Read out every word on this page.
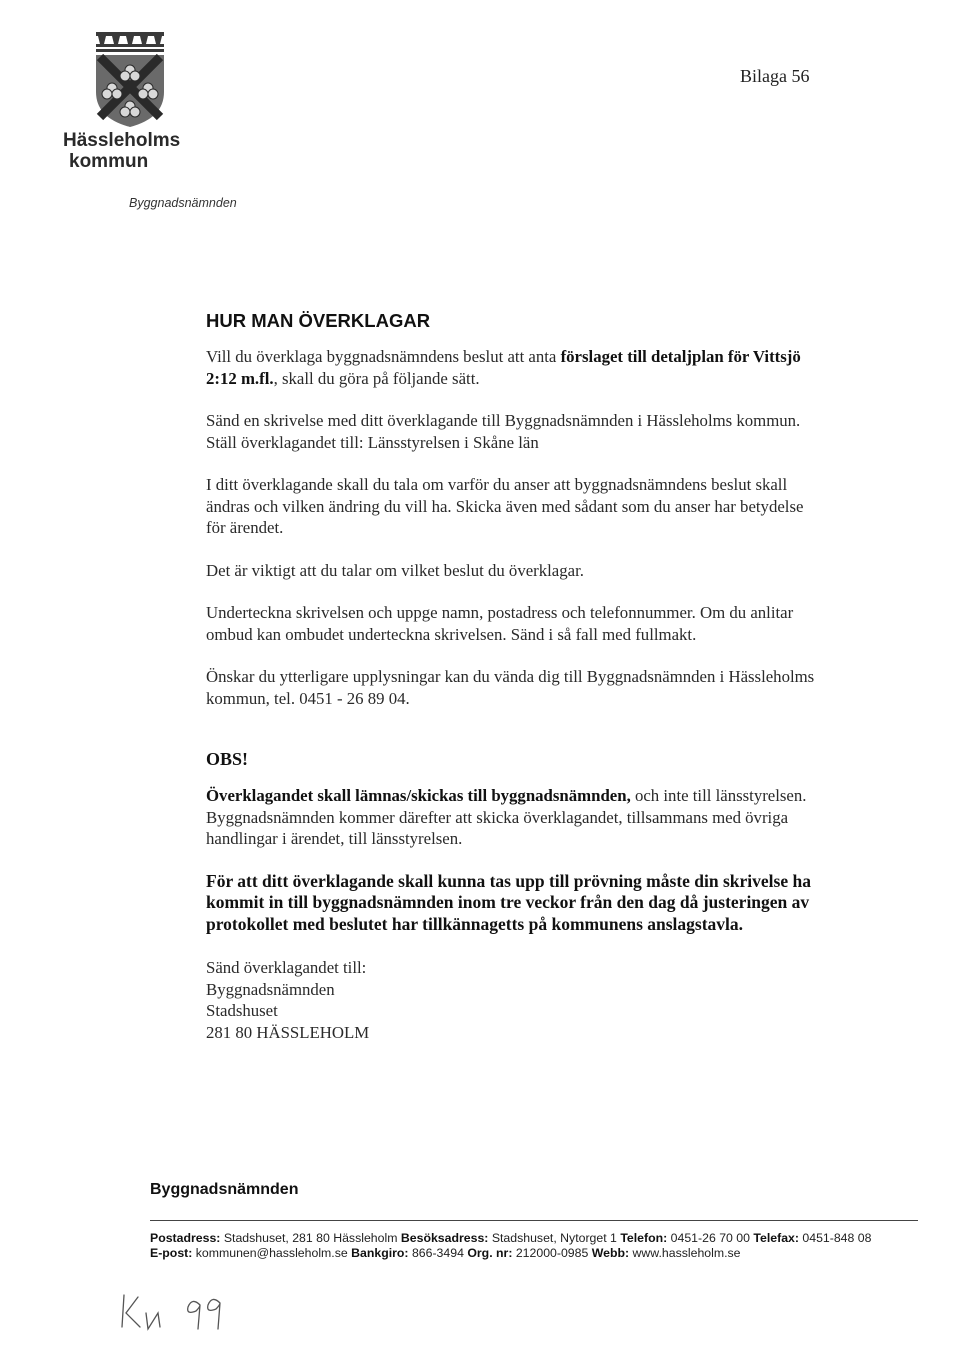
Hässleholms
kommun
Byggnadsnämnden
Bilaga 56
HUR MAN ÖVERKLAGAR

Vill du överklaga byggnadsnämndens beslut att anta förslaget till detaljplan för Vittsjö 2:12 m.fl., skall du göra på följande sätt.

Sänd en skrivelse med ditt överklagande till Byggnadsnämnden i Hässleholms kommun. Ställ överklagandet till: Länsstyrelsen i Skåne län

I ditt överklagande skall du tala om varför du anser att byggnadsnämndens beslut skall ändras och vilken ändring du vill ha. Skicka även med sådant som du anser har betydelse för ärendet.

Det är viktigt att du talar om vilket beslut du överklagar.

Underteckna skrivelsen och uppge namn, postadress och telefonnummer. Om du anlitar ombud kan ombudet underteckna skrivelsen. Sänd i så fall med fullmakt.

Önskar du ytterligare upplysningar kan du vända dig till Byggnadsnämnden i Hässleholms kommun, tel. 0451 - 26 89 04.

OBS!

Överklagandet skall lämnas/skickas till byggnadsnämnden, och inte till länsstyrelsen. Byggnadsnämnden kommer därefter att skicka överklagandet, tillsammans med övriga handlingar i ärendet, till länsstyrelsen.

För att ditt överklagande skall kunna tas upp till prövning måste din skrivelse ha kommit in till byggnadsnämnden inom tre veckor från den dag då justeringen av protokollet med beslutet har tillkännagetts på kommunens anslagstavla.

Sänd överklagandet till:
Byggnadsnämnden
Stadshuset
281 80 HÄSSLEHOLM
Byggnadsnämnden
Postadress: Stadshuset, 281 80 Hässleholm Besöksadress: Stadshuset, Nytorget 1 Telefon: 0451-26 70 00 Telefax: 0451-848 08
E-post: kommunen@hassleholm.se Bankgiro: 866-3494 Org. nr: 212000-0985 Webb: www.hassleholm.se
